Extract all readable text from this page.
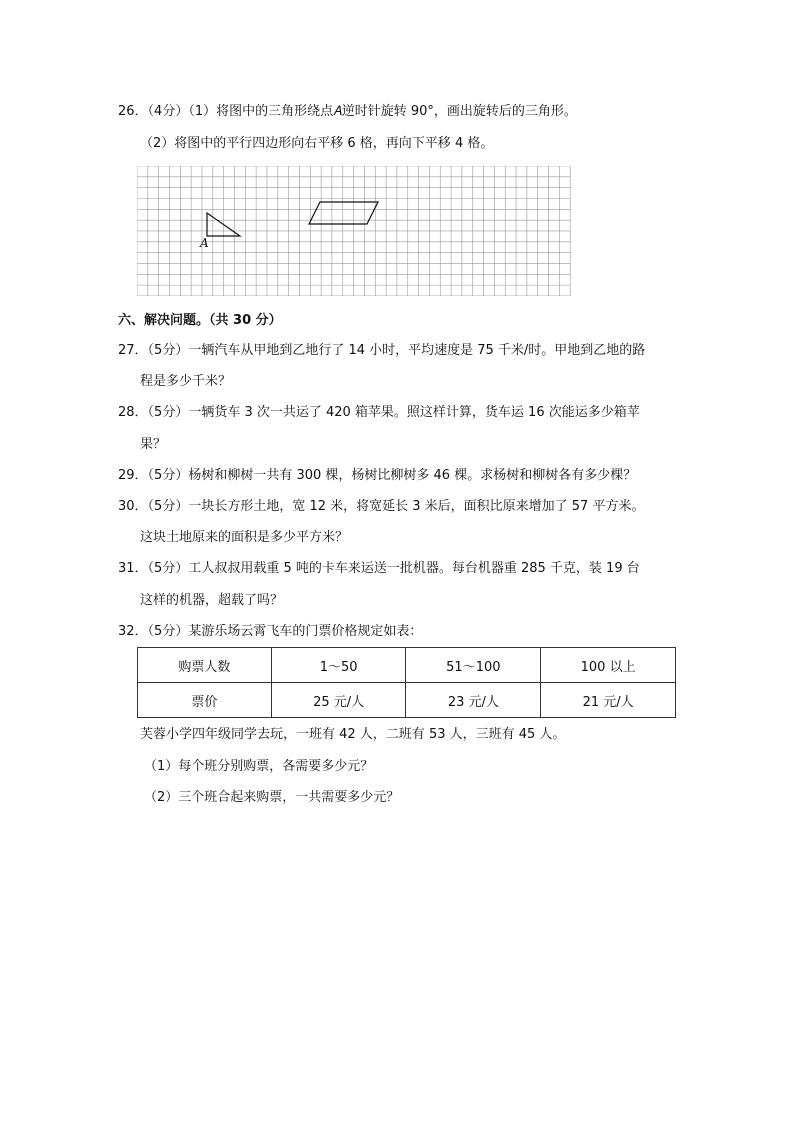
26．（4分）（1）将图中的三角形绕点𝐴逆时针旋转 90°，画出旋转后的三角形。
（2）将图中的平行四边形向右平移 6 格，再向下平移 4 格。
A
六、解决问题。（共 30 分）
27．（5分）一辆汽车从甲地到乙地行了 14 小时，平均速度是 75 千米/时。甲地到乙地的路
程是多少千米？
28．（5分）一辆货车 3 次一共运了 420 箱苹果。照这样计算，货车运 16 次能运多少箱苹
果？
29．（5分）杨树和柳树一共有 300 棵，杨树比柳树多 46 棵。求杨树和柳树各有多少棵？
30．（5分）一块长方形土地，宽 12 米，将宽延长 3 米后，面积比原来增加了 57 平方米。
这块土地原来的面积是多少平方米？
31．（5分）工人叔叔用载重 5 吨的卡车来运送一批机器。每台机器重 285 千克，装 19 台
这样的机器，超载了吗？
32．（5分）某游乐场云霄飞车的门票价格规定如表：
购票人数	1～50	51～100	100 以上
票价	25 元/人	23 元/人	21 元/人
芙蓉小学四年级同学去玩，一班有 42 人，二班有 53 人，三班有 45 人。
（1）每个班分别购票，各需要多少元？
（2）三个班合起来购票，一共需要多少元？
